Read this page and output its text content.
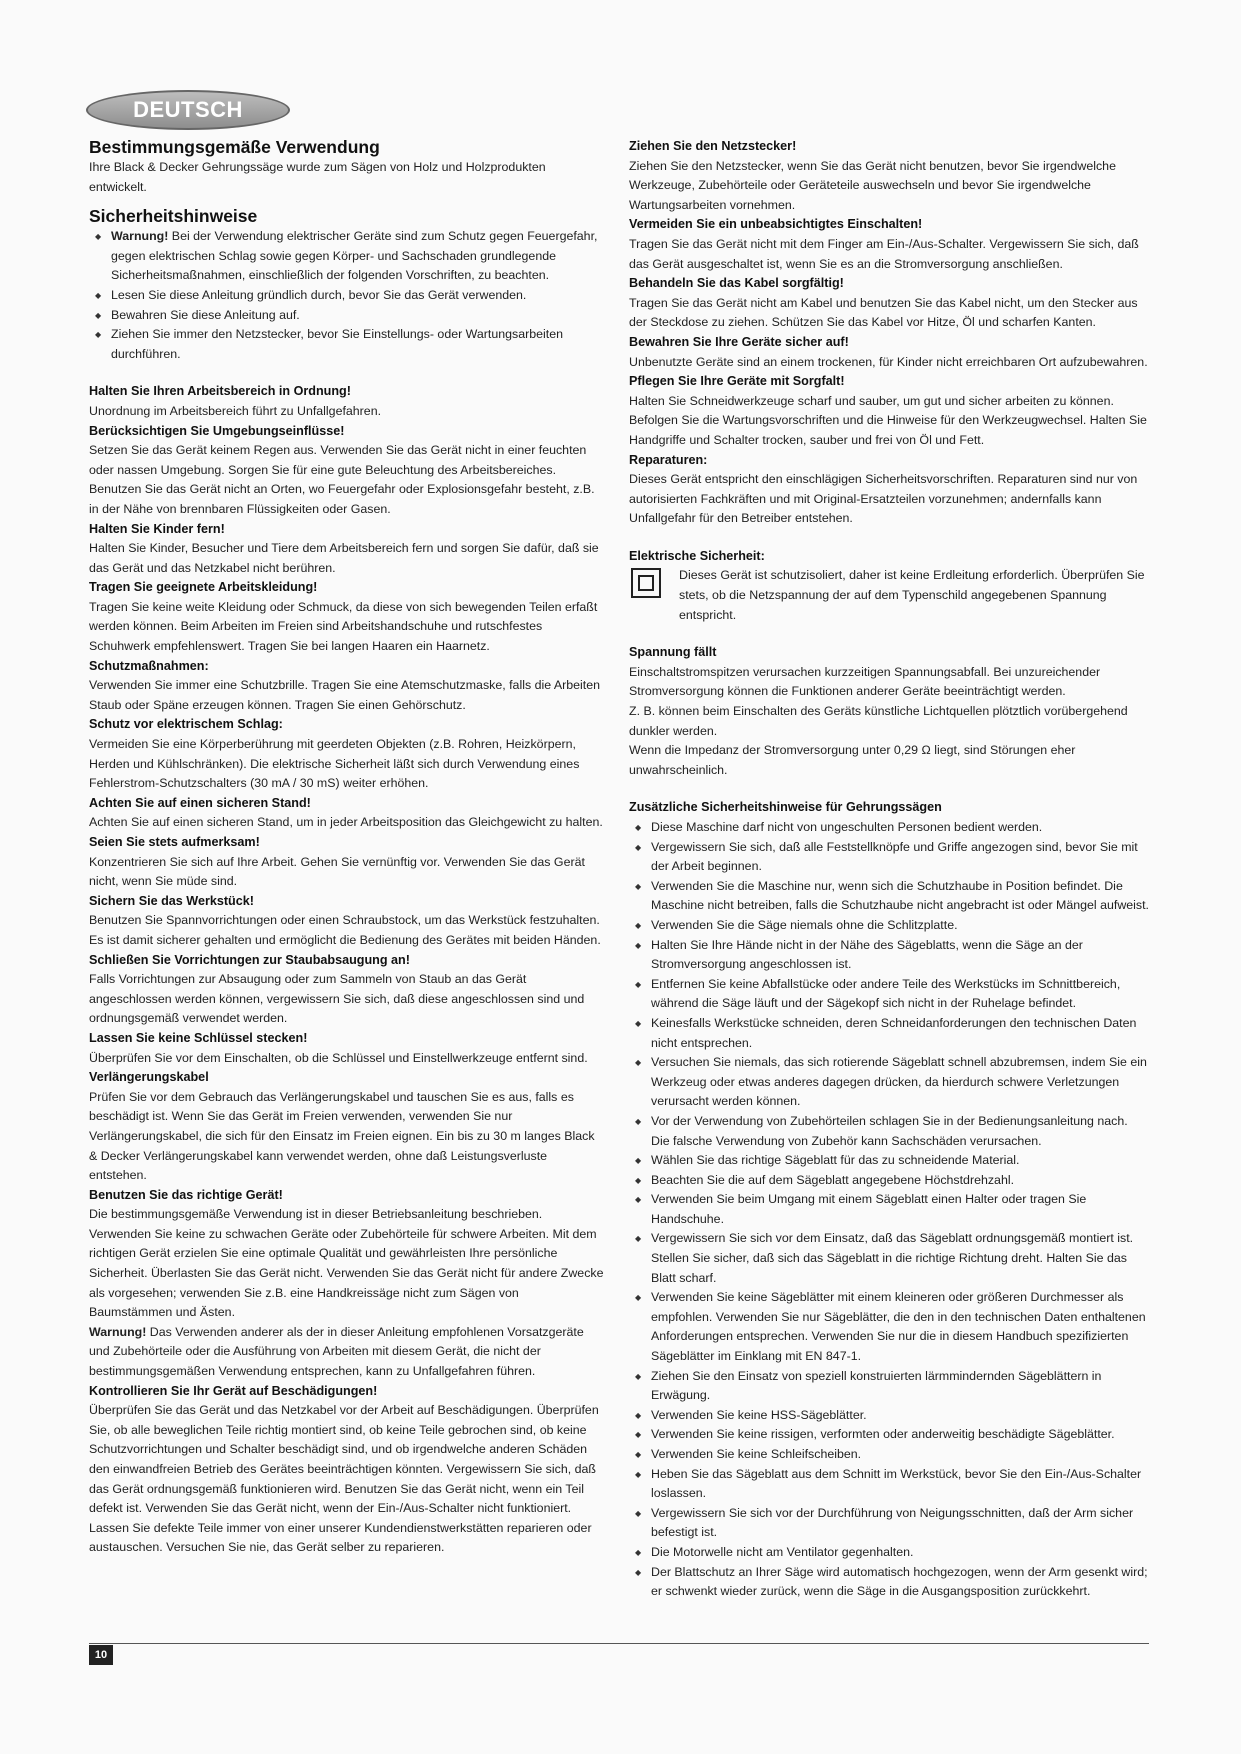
DEUTSCH
Bestimmungsgemäße Verwendung

Ihre Black & Decker Gehrungssäge wurde zum Sägen von Holz und Holzprodukten entwickelt.

Sicherheitshinweise
◆ Warnung! Bei der Verwendung elektrischer Geräte sind zum Schutz gegen Feuergefahr, gegen elektrischen Schlag sowie gegen Körper- und Sachschaden grundlegende Sicherheitsmaßnahmen, einschließlich der folgenden Vorschriften, zu beachten.
◆ Lesen Sie diese Anleitung gründlich durch, bevor Sie das Gerät verwenden.
◆ Bewahren Sie diese Anleitung auf.
◆ Ziehen Sie immer den Netzstecker, bevor Sie Einstellungs- oder Wartungsarbeiten durchführen.
Halten Sie Ihren Arbeitsbereich in Ordnung!

Unordnung im Arbeitsbereich führt zu Unfallgefahren.

Berücksichtigen Sie Umgebungseinflüsse!

Setzen Sie das Gerät keinem Regen aus. Verwenden Sie das Gerät nicht in einer feuchten oder nassen Umgebung. Sorgen Sie für eine gute Beleuchtung des Arbeitsbereiches. Benutzen Sie das Gerät nicht an Orten, wo Feuergefahr oder Explosionsgefahr besteht, z.B. in der Nähe von brennbaren Flüssigkeiten oder Gasen.

Halten Sie Kinder fern!

Halten Sie Kinder, Besucher und Tiere dem Arbeitsbereich fern und sorgen Sie dafür, daß sie das Gerät und das Netzkabel nicht berühren.

Tragen Sie geeignete Arbeitskleidung!

Tragen Sie keine weite Kleidung oder Schmuck, da diese von sich bewegenden Teilen erfaßt werden können. Beim Arbeiten im Freien sind Arbeitshandschuhe und rutschfestes Schuhwerk empfehlenswert. Tragen Sie bei langen Haaren ein Haarnetz.

Schutzmaßnahmen:

Verwenden Sie immer eine Schutzbrille. Tragen Sie eine Atemschutzmaske, falls die Arbeiten Staub oder Späne erzeugen können. Tragen Sie einen Gehörschutz.

Schutz vor elektrischem Schlag:

Vermeiden Sie eine Körperberührung mit geerdeten Objekten (z.B. Rohren, Heizkörpern, Herden und Kühlschränken). Die elektrische Sicherheit läßt sich durch Verwendung eines Fehlerstrom-Schutzschalters (30 mA / 30 mS) weiter erhöhen.

Achten Sie auf einen sicheren Stand!

Achten Sie auf einen sicheren Stand, um in jeder Arbeitsposition das Gleichgewicht zu halten.

Seien Sie stets aufmerksam!

Konzentrieren Sie sich auf Ihre Arbeit. Gehen Sie vernünftig vor. Verwenden Sie das Gerät nicht, wenn Sie müde sind.

Sichern Sie das Werkstück!

Benutzen Sie Spannvorrichtungen oder einen Schraubstock, um das Werkstück festzuhalten. Es ist damit sicherer gehalten und ermöglicht die Bedienung des Gerätes mit beiden Händen.

Schließen Sie Vorrichtungen zur Staubabsaugung an!

Falls Vorrichtungen zur Absaugung oder zum Sammeln von Staub an das Gerät angeschlossen werden können, vergewissern Sie sich, daß diese angeschlossen sind und ordnungsgemäß verwendet werden.

Lassen Sie keine Schlüssel stecken!

Überprüfen Sie vor dem Einschalten, ob die Schlüssel und Einstellwerkzeuge entfernt sind.

Verlängerungskabel

Prüfen Sie vor dem Gebrauch das Verlängerungskabel und tauschen Sie es aus, falls es beschädigt ist. Wenn Sie das Gerät im Freien verwenden, verwenden Sie nur Verlängerungskabel, die sich für den Einsatz im Freien eignen. Ein bis zu 30 m langes Black & Decker Verlängerungskabel kann verwendet werden, ohne daß Leistungsverluste entstehen.

Benutzen Sie das richtige Gerät!

Die bestimmungsgemäße Verwendung ist in dieser Betriebsanleitung beschrieben. Verwenden Sie keine zu schwachen Geräte oder Zubehörteile für schwere Arbeiten. Mit dem richtigen Gerät erzielen Sie eine optimale Qualität und gewährleisten Ihre persönliche Sicherheit. Überlasten Sie das Gerät nicht. Verwenden Sie das Gerät nicht für andere Zwecke als vorgesehen; verwenden Sie z.B. eine Handkreissäge nicht zum Sägen von Baumstämmen und Ästen.

Warnung! Das Verwenden anderer als der in dieser Anleitung empfohlenen Vorsatzgeräte und Zubehörteile oder die Ausführung von Arbeiten mit diesem Gerät, die nicht der bestimmungsgemäßen Verwendung entsprechen, kann zu Unfallgefahren führen.

Kontrollieren Sie Ihr Gerät auf Beschädigungen!

Überprüfen Sie das Gerät und das Netzkabel vor der Arbeit auf Beschädigungen. Überprüfen Sie, ob alle beweglichen Teile richtig montiert sind, ob keine Teile gebrochen sind, ob keine Schutzvorrichtungen und Schalter beschädigt sind, und ob irgendwelche anderen Schäden den einwandfreien Betrieb des Gerätes beeinträchtigen könnten. Vergewissern Sie sich, daß das Gerät ordnungsgemäß funktionieren wird. Benutzen Sie das Gerät nicht, wenn ein Teil defekt ist. Verwenden Sie das Gerät nicht, wenn der Ein-/Aus-Schalter nicht funktioniert. Lassen Sie defekte Teile immer von einer unserer Kundendienstwerkstätten reparieren oder austauschen. Versuchen Sie nie, das Gerät selber zu reparieren.

Ziehen Sie den Netzstecker!

Ziehen Sie den Netzstecker, wenn Sie das Gerät nicht benutzen, bevor Sie irgendwelche Werkzeuge, Zubehörteile oder Geräteteile auswechseln und bevor Sie irgendwelche Wartungsarbeiten vornehmen.

Vermeiden Sie ein unbeabsichtigtes Einschalten!

Tragen Sie das Gerät nicht mit dem Finger am Ein-/Aus-Schalter. Vergewissern Sie sich, daß das Gerät ausgeschaltet ist, wenn Sie es an die Stromversorgung anschließen.

Behandeln Sie das Kabel sorgfältig!

Tragen Sie das Gerät nicht am Kabel und benutzen Sie das Kabel nicht, um den Stecker aus der Steckdose zu ziehen. Schützen Sie das Kabel vor Hitze, Öl und scharfen Kanten.

Bewahren Sie Ihre Geräte sicher auf!

Unbenutzte Geräte sind an einem trockenen, für Kinder nicht erreichbaren Ort aufzubewahren.

Pflegen Sie Ihre Geräte mit Sorgfalt!

Halten Sie Schneidwerkzeuge scharf und sauber, um gut und sicher arbeiten zu können. Befolgen Sie die Wartungsvorschriften und die Hinweise für den Werkzeugwechsel. Halten Sie Handgriffe und Schalter trocken, sauber und frei von Öl und Fett.

Reparaturen:

Dieses Gerät entspricht den einschlägigen Sicherheitsvorschriften. Reparaturen sind nur von autorisierten Fachkräften und mit Original-Ersatzteilen vorzunehmen; andernfalls kann Unfallgefahr für den Betreiber entstehen.

Elektrische Sicherheit:

Dieses Gerät ist schutzisoliert, daher ist keine Erdleitung erforderlich. Überprüfen Sie stets, ob die Netzspannung der auf dem Typenschild angegebenen Spannung entspricht.

Spannung fällt

Einschaltstromspitzen verursachen kurzzeitigen Spannungsabfall. Bei unzureichender Stromversorgung können die Funktionen anderer Geräte beeinträchtigt werden.

Z. B. können beim Einschalten des Geräts künstliche Lichtquellen plötztlich vorübergehend dunkler werden.

Wenn die Impedanz der Stromversorgung unter 0,29 Ω liegt, sind Störungen eher unwahrscheinlich.

Zusätzliche Sicherheitshinweise für Gehrungssägen
◆ Diese Maschine darf nicht von ungeschulten Personen bedient werden.
◆ Vergewissern Sie sich, daß alle Feststellknöpfe und Griffe angezogen sind, bevor Sie mit der Arbeit beginnen.
◆ Verwenden Sie die Maschine nur, wenn sich die Schutzhaube in Position befindet. Die Maschine nicht betreiben, falls die Schutzhaube nicht angebracht ist oder Mängel aufweist.
◆ Verwenden Sie die Säge niemals ohne die Schlitzplatte.
◆ Halten Sie Ihre Hände nicht in der Nähe des Sägeblatts, wenn die Säge an der Stromversorgung angeschlossen ist.
◆ Entfernen Sie keine Abfallstücke oder andere Teile des Werkstücks im Schnittbereich, während die Säge läuft und der Sägekopf sich nicht in der Ruhelage befindet.
◆ Keinesfalls Werkstücke schneiden, deren Schneidanforderungen den technischen Daten nicht entsprechen.
◆ Versuchen Sie niemals, das sich rotierende Sägeblatt schnell abzubremsen, indem Sie ein Werkzeug oder etwas anderes dagegen drücken, da hierdurch schwere Verletzungen verursacht werden können.
◆ Vor der Verwendung von Zubehörteilen schlagen Sie in der Bedienungsanleitung nach. Die falsche Verwendung von Zubehör kann Sachschäden verursachen.
◆ Wählen Sie das richtige Sägeblatt für das zu schneidende Material.
◆ Beachten Sie die auf dem Sägeblatt angegebene Höchstdrehzahl.
◆ Verwenden Sie beim Umgang mit einem Sägeblatt einen Halter oder tragen Sie Handschuhe.
◆ Vergewissern Sie sich vor dem Einsatz, daß das Sägeblatt ordnungsgemäß montiert ist. Stellen Sie sicher, daß sich das Sägeblatt in die richtige Richtung dreht. Halten Sie das Blatt scharf.
◆ Verwenden Sie keine Sägeblätter mit einem kleineren oder größeren Durchmesser als empfohlen. Verwenden Sie nur Sägeblätter, die den in den technischen Daten enthaltenen Anforderungen entsprechen. Verwenden Sie nur die in diesem Handbuch spezifizierten Sägeblätter im Einklang mit EN 847-1.
◆ Ziehen Sie den Einsatz von speziell konstruierten lärmmindernden Sägeblättern in Erwägung.
◆ Verwenden Sie keine HSS-Sägeblätter.
◆ Verwenden Sie keine rissigen, verformten oder anderweitig beschädigte Sägeblätter.
◆ Verwenden Sie keine Schleifscheiben.
◆ Heben Sie das Sägeblatt aus dem Schnitt im Werkstück, bevor Sie den Ein-/Aus-Schalter loslassen.
◆ Vergewissern Sie sich vor der Durchführung von Neigungsschnitten, daß der Arm sicher befestigt ist.
◆ Die Motorwelle nicht am Ventilator gegenhalten.
◆ Der Blattschutz an Ihrer Säge wird automatisch hochgezogen, wenn der Arm gesenkt wird; er schwenkt wieder zurück, wenn die Säge in die Ausgangsposition zurückkehrt.
10
